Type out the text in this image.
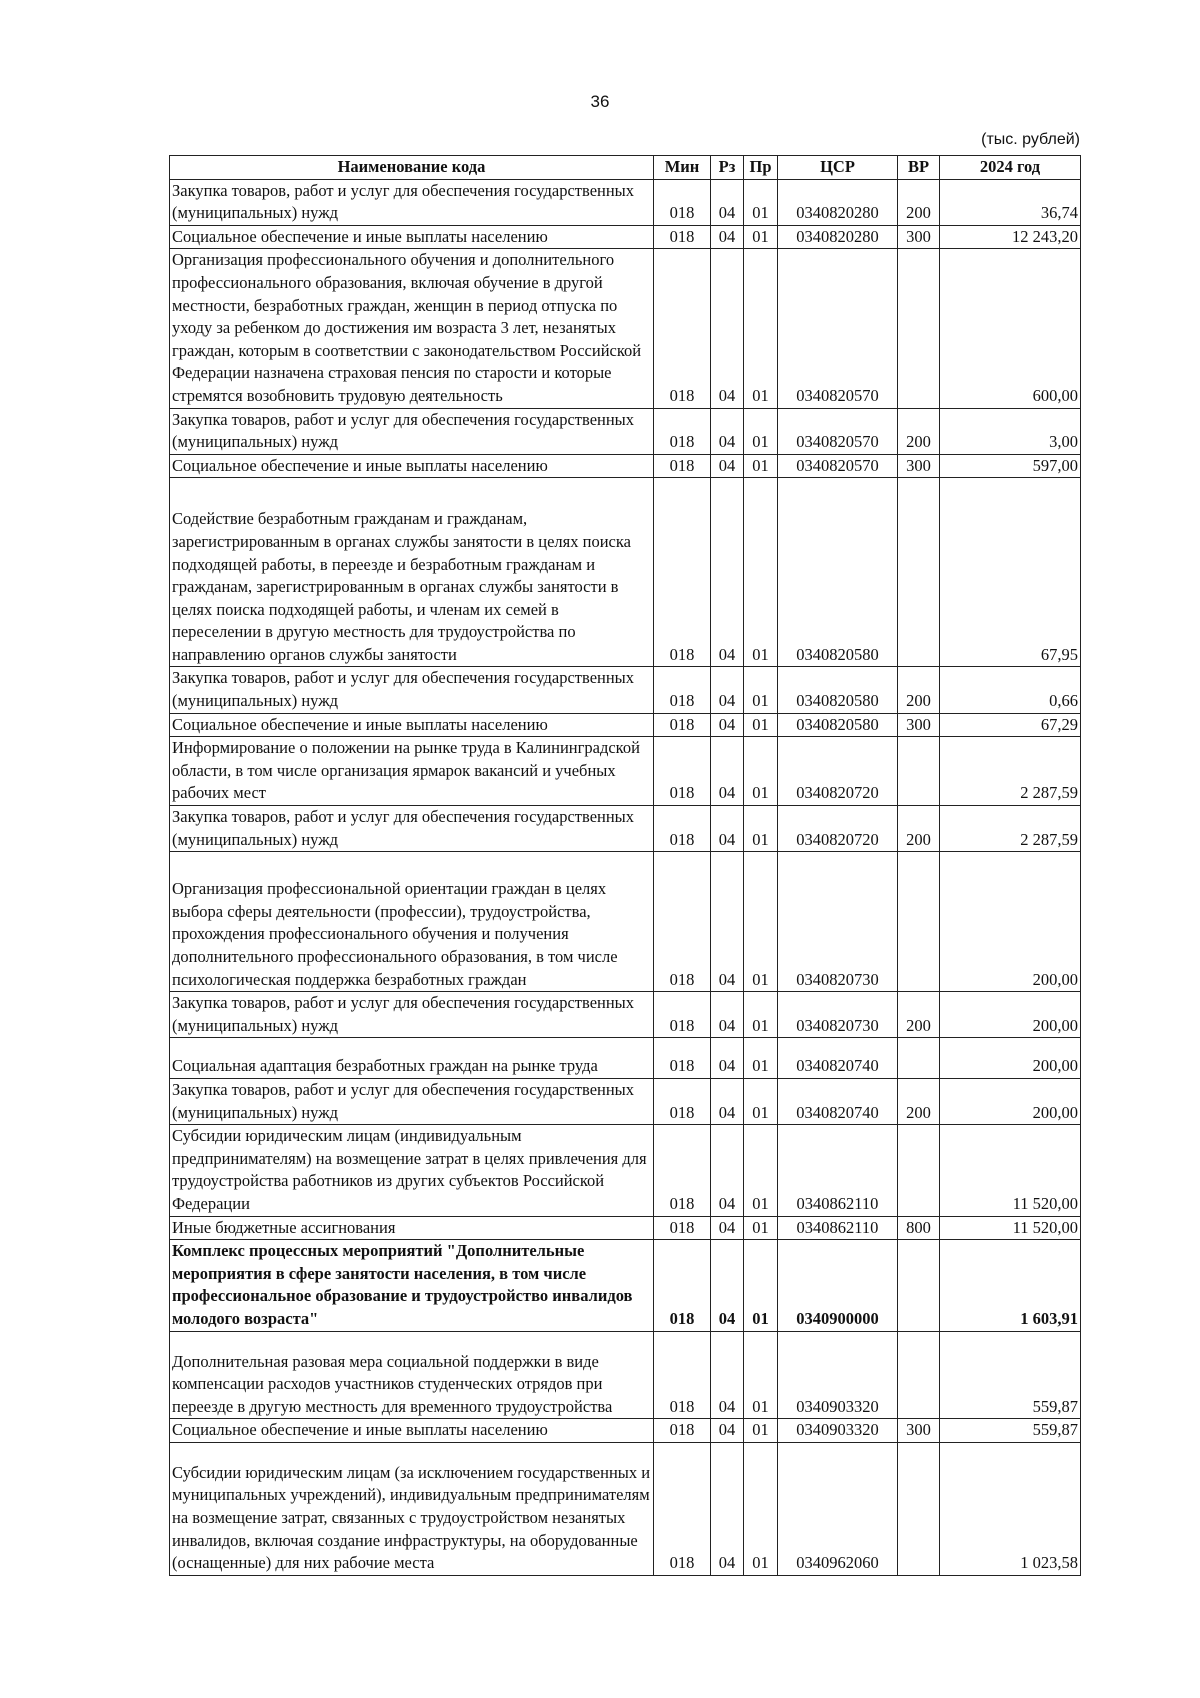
36
(тыс. рублей)
Наименование кода	Мин	Рз	Пр	ЦСР	ВР	2024 год
Закупка товаров, работ и услуг для обеспечения государственных (муниципальных) нужд	018	04	01	0340820280	200	36,74
Социальное обеспечение и иные выплаты населению	018	04	01	0340820280	300	12 243,20
Организация профессионального обучения и дополнительного профессионального образования, включая обучение в другой местности, безработных граждан, женщин в период отпуска по уходу за ребенком до достижения им возраста 3 лет, незанятых граждан, которым в соответствии с законодательством Российской Федерации назначена страховая пенсия по старости и которые стремятся возобновить трудовую деятельность	018	04	01	0340820570		600,00
Закупка товаров, работ и услуг для обеспечения государственных (муниципальных) нужд	018	04	01	0340820570	200	3,00
Социальное обеспечение и иные выплаты населению	018	04	01	0340820570	300	597,00
Содействие безработным гражданам и гражданам, зарегистрированным в органах службы занятости в целях поиска подходящей работы, в переезде и безработным гражданам и гражданам, зарегистрированным в органах службы занятости в целях поиска подходящей работы, и членам их семей в переселении в другую местность для трудоустройства по направлению органов службы занятости	018	04	01	0340820580		67,95
Закупка товаров, работ и услуг для обеспечения государственных (муниципальных) нужд	018	04	01	0340820580	200	0,66
Социальное обеспечение и иные выплаты населению	018	04	01	0340820580	300	67,29
Информирование о положении на рынке труда в Калининградской области, в том числе организация ярмарок вакансий и учебных рабочих мест	018	04	01	0340820720		2 287,59
Закупка товаров, работ и услуг для обеспечения государственных (муниципальных) нужд	018	04	01	0340820720	200	2 287,59
Организация профессиональной ориентации граждан в целях выбора сферы деятельности (профессии), трудоустройства, прохождения профессионального обучения и получения дополнительного профессионального образования, в том числе психологическая поддержка безработных граждан	018	04	01	0340820730		200,00
Закупка товаров, работ и услуг для обеспечения государственных (муниципальных) нужд	018	04	01	0340820730	200	200,00
Социальная адаптация безработных граждан на рынке труда	018	04	01	0340820740		200,00
Закупка товаров, работ и услуг для обеспечения государственных (муниципальных) нужд	018	04	01	0340820740	200	200,00
Субсидии юридическим лицам (индивидуальным предпринимателям) на возмещение затрат в целях привлечения для трудоустройства работников из других субъектов Российской Федерации	018	04	01	0340862110		11 520,00
Иные бюджетные ассигнования	018	04	01	0340862110	800	11 520,00
Комплекс процессных мероприятий "Дополнительные мероприятия в сфере занятости населения, в том числе профессиональное образование и трудоустройство инвалидов молодого возраста"	018	04	01	0340900000		1 603,91
Дополнительная разовая мера социальной поддержки в виде компенсации расходов участников студенческих отрядов при переезде в другую местность для временного трудоустройства	018	04	01	0340903320		559,87
Социальное обеспечение и иные выплаты населению	018	04	01	0340903320	300	559,87
Субсидии юридическим лицам (за исключением государственных и муниципальных учреждений), индивидуальным предпринимателям на возмещение затрат, связанных с трудоустройством незанятых инвалидов, включая создание инфраструктуры, на оборудованные (оснащенные) для них рабочие места	018	04	01	0340962060		1 023,58
